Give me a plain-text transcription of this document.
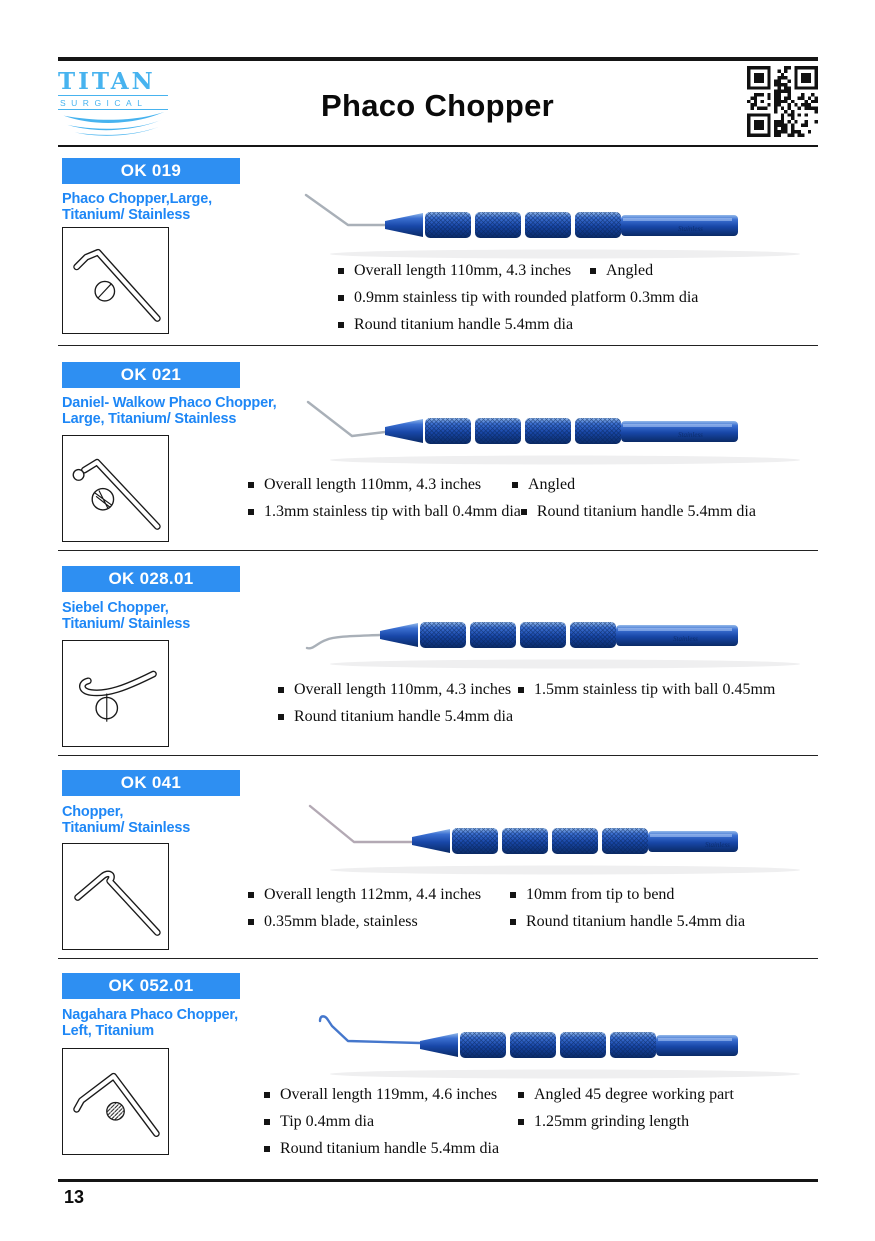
TITAN
SURGICAL	Phaco Chopper
OK 019
Phaco Chopper,Large,
Titanium/ Stainless
Stainless
Overall length 110mm, 4.3 inches Angled
0.9mm stainless tip with rounded platform 0.3mm dia
Round titanium handle 5.4mm dia
OK 021
Daniel- Walkow Phaco Chopper,
Large, Titanium/ Stainless
Stainless
Overall length 110mm, 4.3 inches	Angled
1.3mm stainless tip with ball 0.4mm dia Round titanium handle 5.4mm dia
OK 028.01
Siebel Chopper,
Titanium/ Stainless
Stainless
Overall length 110mm, 4.3 inches 1.5mm stainless tip with ball 0.45mm
Round titanium handle 5.4mm dia
OK 041
Chopper,
Titanium/ Stainless
Stainless
Overall length 112mm, 4.4 inches	10mm from tip to bend
0.35mm blade, stainless	Round titanium handle 5.4mm dia
OK 052.01
Nagahara Phaco Chopper,
Left, Titanium
Overall length 119mm, 4.6 inches Angled 45 degree working part
Tip 0.4mm dia	1.25mm grinding length
Round titanium handle 5.4mm dia
13
